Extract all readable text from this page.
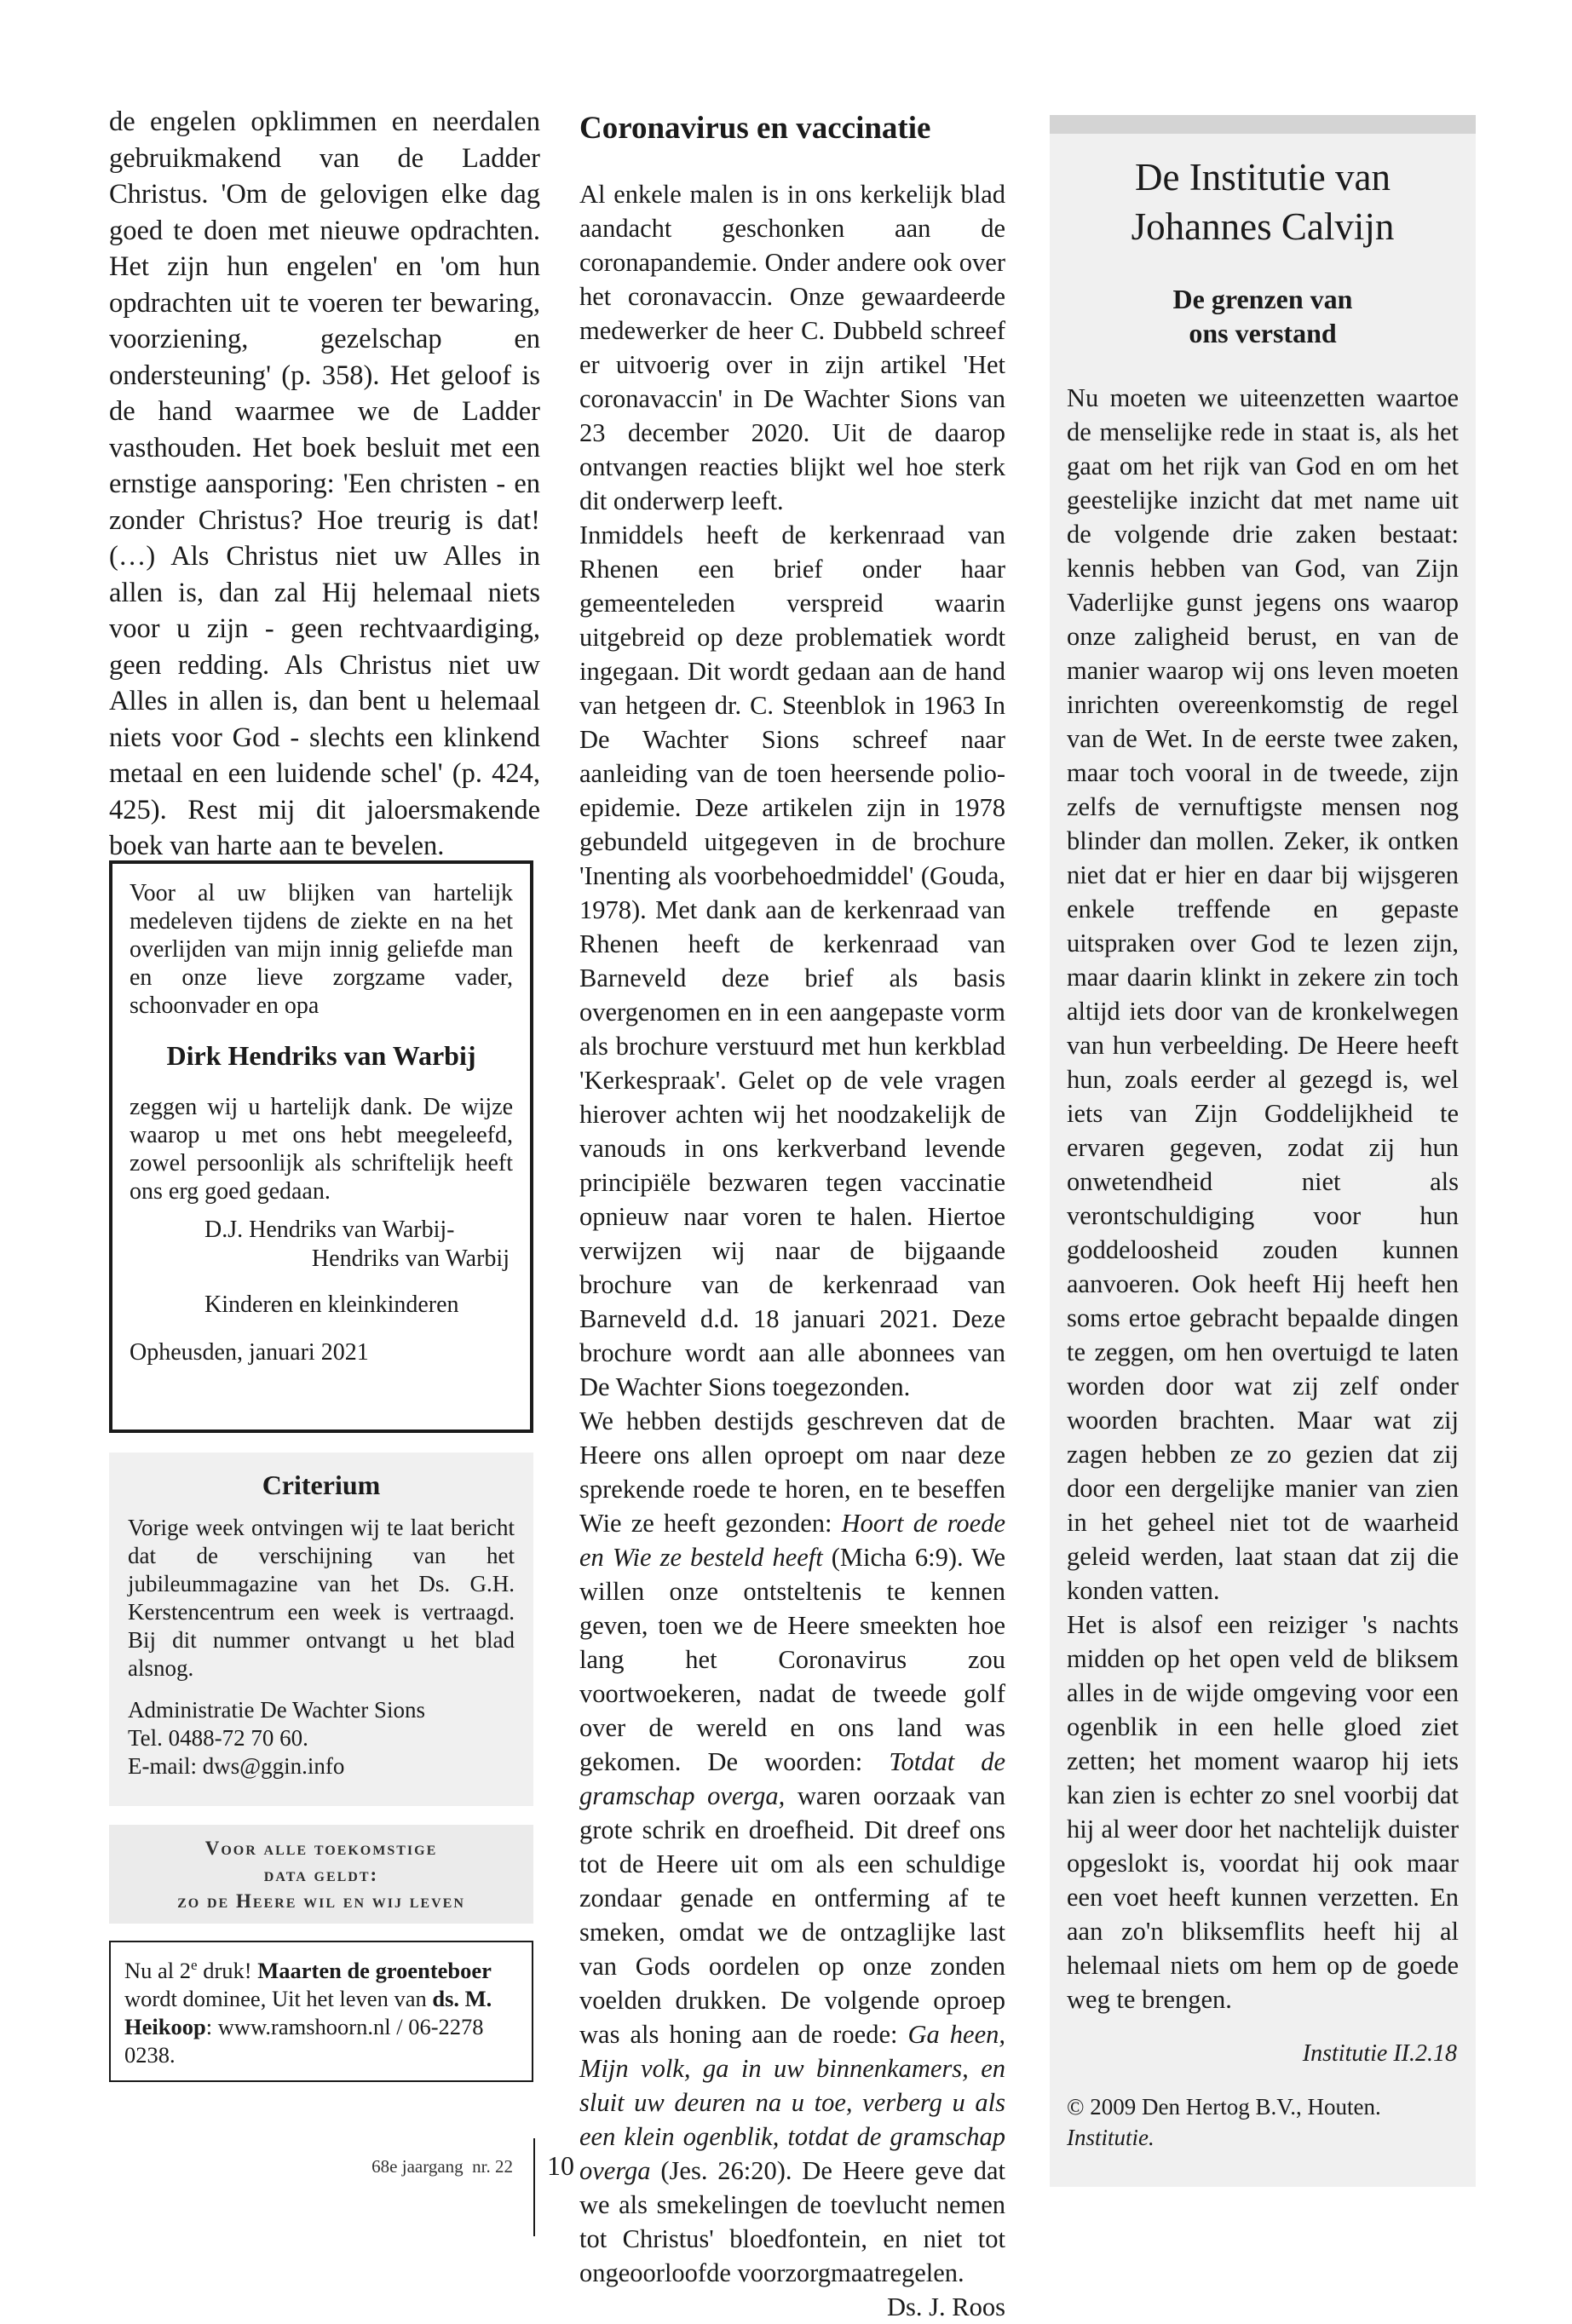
de engelen opklimmen en neerdalen gebruikmakend van de Ladder Christus. 'Om de gelovigen elke dag goed te doen met nieuwe opdrachten. Het zijn hun engelen' en 'om hun opdrachten uit te voeren ter bewaring, voorziening, gezelschap en ondersteuning' (p. 358). Het geloof is de hand waarmee we de Ladder vasthouden. Het boek besluit met een ernstige aansporing: 'Een christen - en zonder Christus? Hoe treurig is dat! (…) Als Christus niet uw Alles in allen is, dan zal Hij helemaal niets voor u zijn - geen rechtvaardiging, geen redding. Als Christus niet uw Alles in allen is, dan bent u helemaal niets voor God - slechts een klinkend metaal en een luidende schel' (p. 424, 425). Rest mij dit jaloersmakende boek van harte aan te bevelen.

Voor al uw blijken van hartelijk medeleven tijdens de ziekte en na het overlijden van mijn innig geliefde man en onze lieve zorgzame vader, schoonvader en opa

Dirk Hendriks van Warbij

zeggen wij u hartelijk dank. De wijze waarop u met ons hebt meegeleefd, zowel persoonlijk als schriftelijk heeft ons erg goed gedaan.

D.J. Hendriks van Warbij-
Hendriks van Warbij
Kinderen en kleinkinderen
Opheusden, januari 2021
Criterium

Vorige week ontvingen wij te laat bericht dat de verschijning van het jubileummagazine van het Ds. G.H. Kerstencentrum een week is vertraagd. Bij dit nummer ontvangt u het blad alsnog.

Administratie De Wachter Sions
Tel. 0488-72 70 60.
E-mail: dws@ggin.info
Voor alle toekomstige
data geldt:
zo de Heere wil en wij leven
Nu al 2e druk! Maarten de groenteboer wordt dominee, Uit het leven van ds. M. Heikoop: www.ramshoorn.nl / 06-2278 0238.
Coronavirus en vaccinatie

Al enkele malen is in ons kerkelijk blad aandacht geschonken aan de coronapandemie. Onder andere ook over het coronavaccin. Onze gewaardeerde medewerker de heer C. Dubbeld schreef er uitvoerig over in zijn artikel 'Het coronavaccin' in De Wachter Sions van 23 december 2020. Uit de daarop ontvangen reacties blijkt wel hoe sterk dit onderwerp leeft.

Inmiddels heeft de kerkenraad van Rhenen een brief onder haar gemeenteleden verspreid waarin uitgebreid op deze problematiek wordt ingegaan. Dit wordt gedaan aan de hand van hetgeen dr. C. Steenblok in 1963 In De Wachter Sions schreef naar aanleiding van de toen heersende polio-epidemie. Deze artikelen zijn in 1978 gebundeld uitgegeven in de brochure 'Inenting als voorbehoedmiddel' (Gouda, 1978). Met dank aan de kerkenraad van Rhenen heeft de kerkenraad van Barneveld deze brief als basis overgenomen en in een aangepaste vorm als brochure verstuurd met hun kerkblad 'Kerkespraak'. Gelet op de vele vragen hierover achten wij het noodzakelijk de vanouds in ons kerkverband levende principiële bezwaren tegen vaccinatie opnieuw naar voren te halen. Hiertoe verwijzen wij naar de bijgaande brochure van de kerkenraad van Barneveld d.d. 18 januari 2021. Deze brochure wordt aan alle abonnees van De Wachter Sions toegezonden.

We hebben destijds geschreven dat de Heere ons allen oproept om naar deze sprekende roede te horen, en te beseffen Wie ze heeft gezonden: Hoort de roede en Wie ze besteld heeft (Micha 6:9). We willen onze ontsteltenis te kennen geven, toen we de Heere smeekten hoe lang het Coronavirus zou voortwoekeren, nadat de tweede golf over de wereld en ons land was gekomen. De woorden: Totdat de gramschap overga, waren oorzaak van grote schrik en droefheid. Dit dreef ons tot de Heere uit om als een schuldige zondaar genade en ontferming af te smeken, omdat we de ontzaglijke last van Gods oordelen op onze zonden voelden drukken. De volgende oproep was als honing aan de roede: Ga heen, Mijn volk, ga in uw binnenkamers, en sluit uw deuren na u toe, verberg u als een klein ogenblik, totdat de gramschap overga (Jes. 26:20). De Heere geve dat we als smekelingen de toevlucht nemen tot Christus' bloedfontein, en niet tot ongeoorloofde voorzorgmaatregelen.

Ds. J. Roos

De Institutie van
Johannes Calvijn
De grenzen van
ons verstand

Nu moeten we uiteenzetten waartoe de menselijke rede in staat is, als het gaat om het rijk van God en om het geestelijke inzicht dat met name uit de volgende drie zaken bestaat: kennis hebben van God, van Zijn Vaderlijke gunst jegens ons waarop onze zaligheid berust, en van de manier waarop wij ons leven moeten inrichten overeenkomstig de regel van de Wet. In de eerste twee zaken, maar toch vooral in de tweede, zijn zelfs de vernuftigste mensen nog blinder dan mollen. Zeker, ik ontken niet dat er hier en daar bij wijsgeren enkele treffende en gepaste uitspraken over God te lezen zijn, maar daarin klinkt in zekere zin toch altijd iets door van de kronkelwegen van hun verbeelding. De Heere heeft hun, zoals eerder al gezegd is, wel iets van Zijn Goddelijkheid te ervaren gegeven, zodat zij hun onwetendheid niet als verontschuldiging voor hun goddeloosheid zouden kunnen aanvoeren. Ook heeft Hij heeft hen soms ertoe gebracht bepaalde dingen te zeggen, om hen overtuigd te laten worden door wat zij zelf onder woorden brachten. Maar wat zij zagen hebben ze zo gezien dat zij door een dergelijke manier van zien in het geheel niet tot de waarheid geleid werden, laat staan dat zij die konden vatten.

Het is alsof een reiziger 's nachts midden op het open veld de bliksem alles in de wijde omgeving voor een ogenblik in een helle gloed ziet zetten; het moment waarop hij iets kan zien is echter zo snel voorbij dat hij al weer door het nachtelijk duister opgeslokt is, voordat hij ook maar een voet heeft kunnen verzetten. En aan zo'n bliksemflits heeft hij al helemaal niets om hem op de goede weg te brengen.

Institutie II.2.18
© 2009 Den Hertog B.V., Houten.
Institutie.
68e jaargang  nr. 22 10
